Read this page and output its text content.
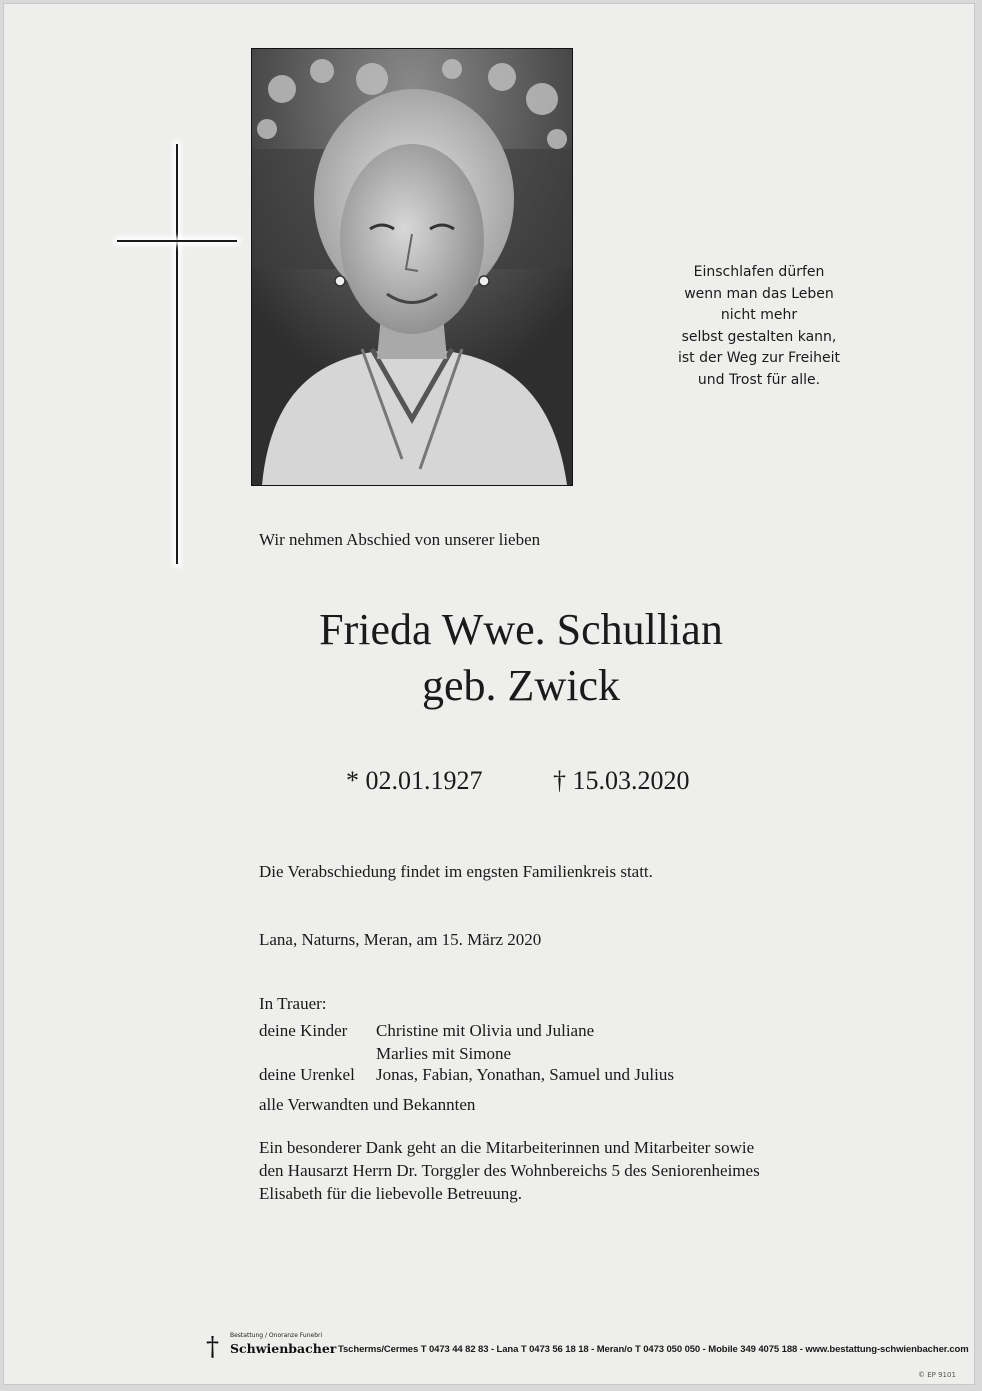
Einschlafen dürfen
wenn man das Leben
nicht mehr
selbst gestalten kann,
ist der Weg zur Freiheit
und Trost für alle.
Wir nehmen Abschied von unserer lieben
Frieda Wwe. Schullian
geb. Zwick
* 02.01.1927	† 15.03.2020
Die Verabschiedung findet im engsten Familienkreis statt.
Lana, Naturns, Meran, am 15. März 2020
In Trauer:
deine Kinder Christine mit Olivia und Juliane
Marlies mit Simone
deine Urenkel Jonas, Fabian, Yonathan, Samuel und Julius
alle Verwandten und Bekannten
Ein besonderer Dank geht an die Mitarbeiterinnen und Mitarbeiter sowie
den Hausarzt Herrn Dr. Torggler des Wohnbereichs 5 des Seniorenheimes
Elisabeth für die liebevolle Betreuung.
†	Bestattung / Onoranze Funebri
Schwienbacher Tscherms/Cermes T 0473 44 82 83 - Lana T 0473 56 18 18 - Meran/o T 0473 050 050 - Mobile 349 4075 188 - www.bestattung-schwienbacher.com
© EP 9101
